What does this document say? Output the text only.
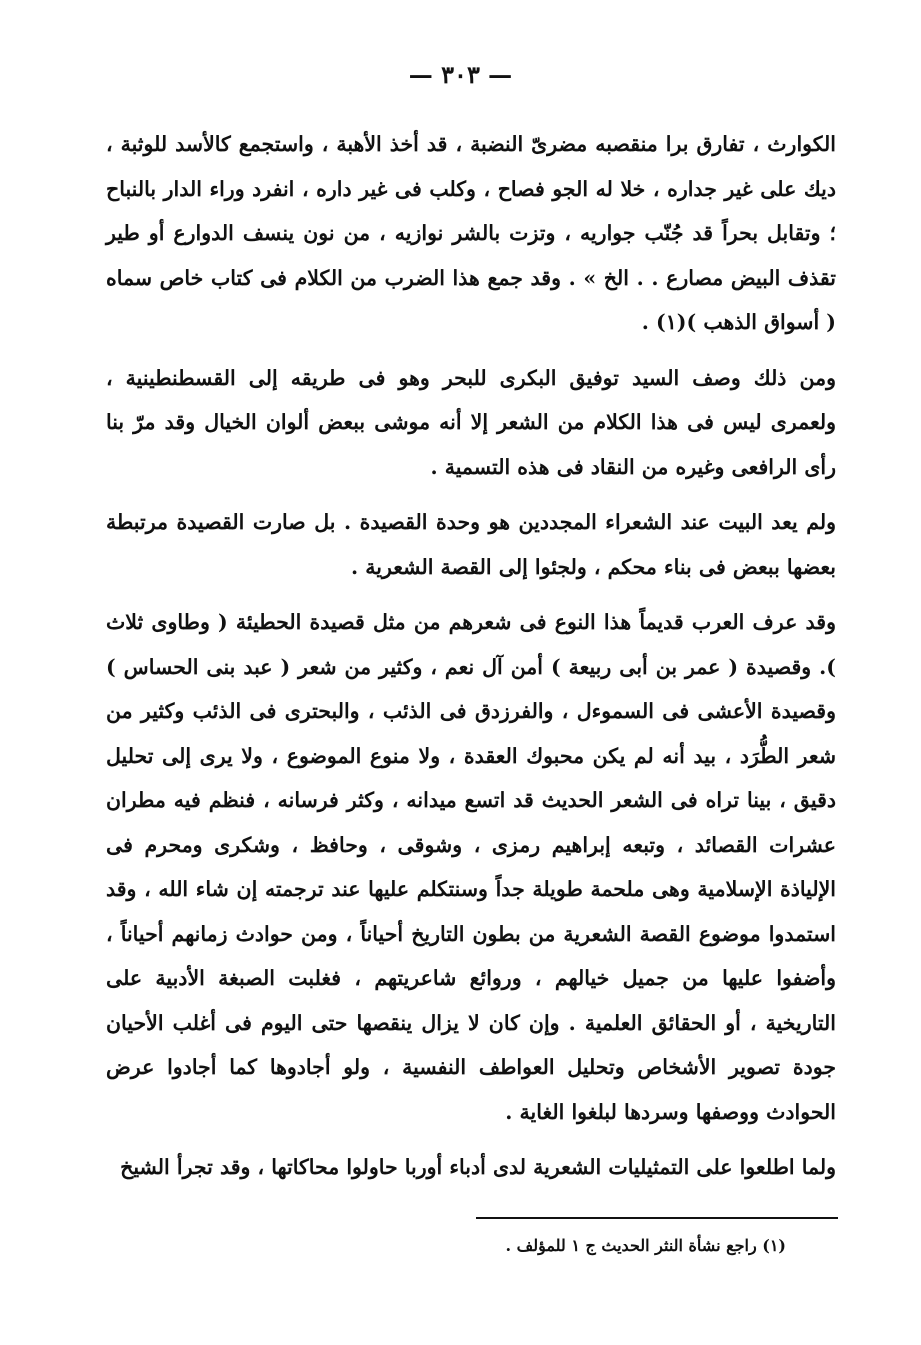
— ٣٠٣ —

الكوارث ، تفارق برا منقصبه مضرىّ النضبة ، قد أخذ الأهبة ، واستجمع كالأسد للوثبة ، ديك على غير جداره ، خلا له الجو فصاح ، وكلب فى غير داره ، انفرد وراء الدار بالنباح ؛ وتقابل بحراً قد جُنّب جواريه ، وتزت بالشر نوازيه ، من نون ينسف الدوارع أو طير تقذف البيض مصارع . . الخ » . وقد جمع هذا الضرب من الكلام فى كتاب خاص سماه ( أسواق الذهب )(١) .

ومن ذلك وصف السيد توفيق البكرى للبحر وهو فى طريقه إلى القسطنطينية ، ولعمرى ليس فى هذا الكلام من الشعر إلا أنه موشى ببعض ألوان الخيال وقد مرّ بنا رأى الرافعى وغيره من النقاد فى هذه التسمية .

ولم يعد البيت عند الشعراء المجددين هو وحدة القصيدة . بل صارت القصيدة مرتبطة بعضها ببعض فى بناء محكم ، ولجئوا إلى القصة الشعرية .

وقد عرف العرب قديماً هذا النوع فى شعرهم من مثل قصيدة الحطيئة ( وطاوى ثلاث ). وقصيدة ( عمر بن أبى ربيعة ) أمن آل نعم ، وكثير من شعر ( عبد بنى الحساس ) وقصيدة الأعشى فى السموءل ، والفرزدق فى الذئب ، والبحترى فى الذئب وكثير من شعر الطُّرَد ، بيد أنه لم يكن محبوك العقدة ، ولا منوع الموضوع ، ولا يرى إلى تحليل دقيق ، بينا تراه فى الشعر الحديث قد اتسع ميدانه ، وكثر فرسانه ، فنظم فيه مطران عشرات القصائد ، وتبعه إبراهيم رمزى ، وشوقى ، وحافظ ، وشكرى ومحرم فى الإلياذة الإسلامية وهى ملحمة طويلة جداً وسنتكلم عليها عند ترجمته إن شاء الله ، وقد استمدوا موضوع القصة الشعرية من بطون التاريخ أحياناً ، ومن حوادث زمانهم أحياناً ، وأضفوا عليها من جميل خيالهم ، وروائع شاعريتهم ، فغلبت الصبغة الأدبية على التاريخية ، أو الحقائق العلمية . وإن كان لا يزال ينقصها حتى اليوم فى أغلب الأحيان جودة تصوير الأشخاص وتحليل العواطف النفسية ، ولو أجادوها كما أجادوا عرض الحوادث ووصفها وسردها لبلغوا الغاية .

ولما اطلعوا على التمثيليات الشعرية لدى أدباء أوربا حاولوا محاكاتها ، وقد تجرأ الشيخ

(١) راجع نشأة النثر الحديث ج ١ للمؤلف .
